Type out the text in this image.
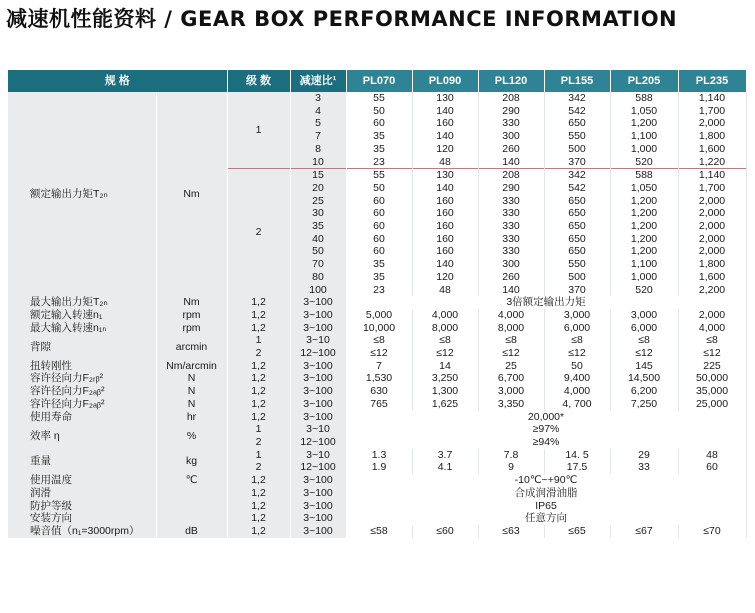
减速机性能资料 / GEAR BOX PERFORMANCE INFORMATION
规 格		级 数	减速比¹	PL070	PL090	PL120	PL155	PL205	PL235
额定输出力矩T₂ₙ	Nm	1	3	55	130	208	342	588	1,140
			4	50	140	290	542	1,050	1,700
			5	60	160	330	650	1,200	2,000
			7	35	140	300	550	1,100	1,800
			8	35	120	260	500	1,000	1,600
			10	23	48	140	370	520	1,220
		2	15	55	130	208	342	588	1,140
			20	50	140	290	542	1,050	1,700
			25	60	160	330	650	1,200	2,000
			30	60	160	330	650	1,200	2,000
			35	60	160	330	650	1,200	2,000
			40	60	160	330	650	1,200	2,000
			50	60	160	330	650	1,200	2,000
			70	35	140	300	550	1,100	1,800
			80	35	120	260	500	1,000	1,600
			100	23	48	140	370	520	2,200
最大输出力矩T₂ₙ	Nm	1,2	3~100	3倍额定输出力矩					
额定输入转速n₁	rpm	1,2	3~100	5,000	4,000	4,000	3,000	3,000	2,000
最大输入转速n₁ₙ	rpm	1,2	3~100	10,000	8,000	8,000	6,000	6,000	4,000
背隙	arcmin	1	3~10	≤8	≤8	≤8	≤8	≤8	≤8
		2	12~100	≤12	≤12	≤12	≤12	≤12	≤12
扭转刚性	Nm/arcmin	1,2	3~100	7	14	25	50	145	225
容许径向力F₂ᵣᵦ²	N	1,2	3~100	1,530	3,250	6,700	9,400	14,500	50,000
容许径向力F₂ₐᵦ²	N	1,2	3~100	630	1,300	3,000	4,000	6,200	35,000
容许径向力F₂ₐᵦ²	N	1,2	3~100	765	1,625	3,350	4, 700	7,250	25,000
使用寿命	hr	1,2	3~100	20,000*					
效率 η	%	1	3~10	≥97%					
		2	12~100	≥94%					
重量	kg	1	3~10	1.3	3.7	7.8	14. 5	29	48
		2	12~100	1.9	4.1	9	17.5	33	60
使用温度	℃	1,2	3~100	-10℃~+90℃					
润滑		1,2	3~100	合成润滑油脂					
防护等级		1,2	3~100	IP65					
安装方向		1,2	3~100	任意方向					
噪音值（n₁=3000rpm）	dB	1,2	3~100	≤58	≤60	≤63	≤65	≤67	≤70
